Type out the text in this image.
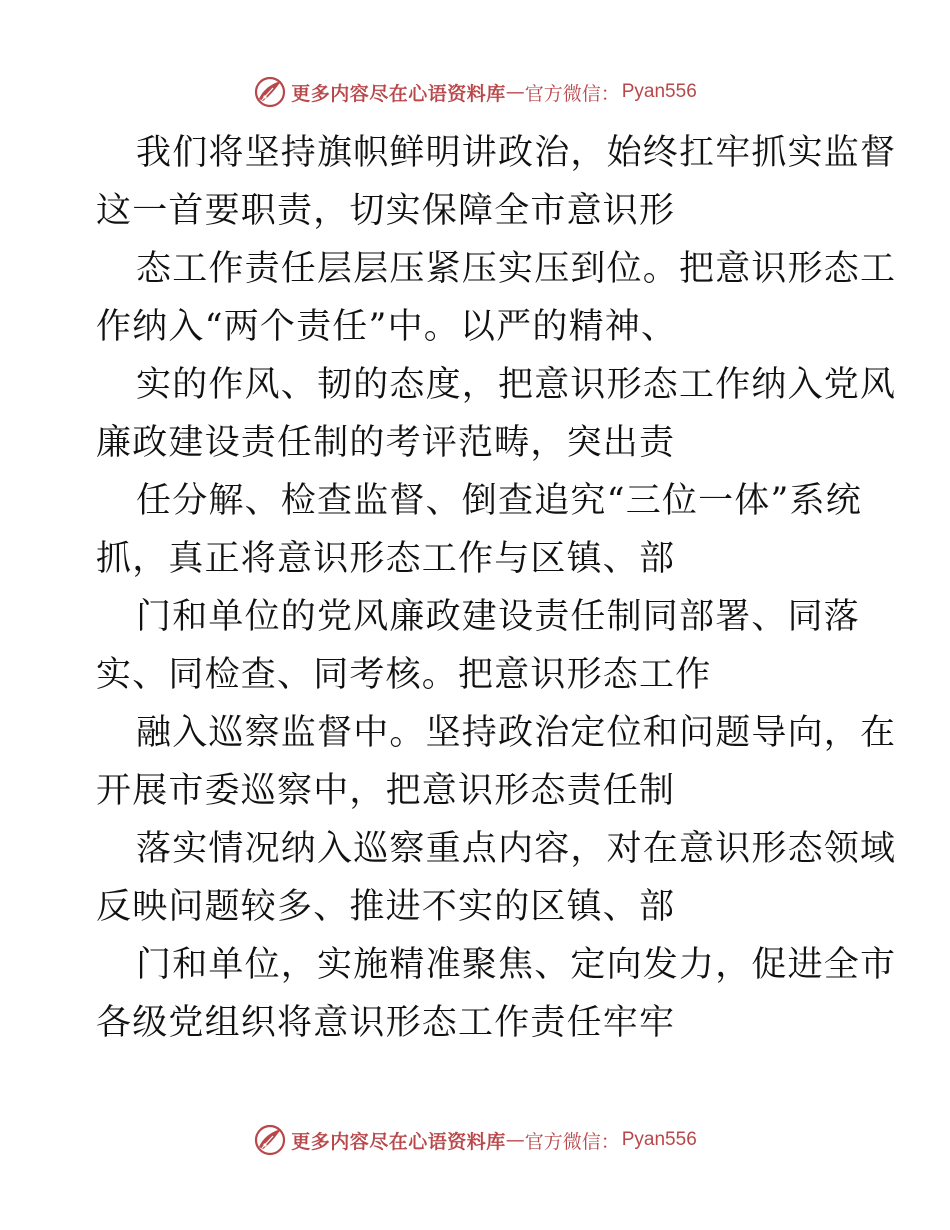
更多内容尽在心语资料库 — 官方微信： Pyan556
我们将坚持旗帜鲜明讲政治，始终扛牢抓实监督
这一首要职责，切实保障全市意识形
态工作责任层层压紧压实压到位。把意识形态工
作纳入“两个责任”中。以严的精神、
实的作风、韧的态度，把意识形态工作纳入党风
廉政建设责任制的考评范畴，突出责
任分解、检查监督、倒查追究“三位一体”系统
抓，真正将意识形态工作与区镇、部
门和单位的党风廉政建设责任制同部署、同落
实、同检查、同考核。把意识形态工作
融入巡察监督中。坚持政治定位和问题导向，在
开展市委巡察中，把意识形态责任制
落实情况纳入巡察重点内容，对在意识形态领域
反映问题较多、推进不实的区镇、部
门和单位，实施精准聚焦、定向发力，促进全市
各级党组织将意识形态工作责任牢牢
更多内容尽在心语资料库 — 官方微信： Pyan556
